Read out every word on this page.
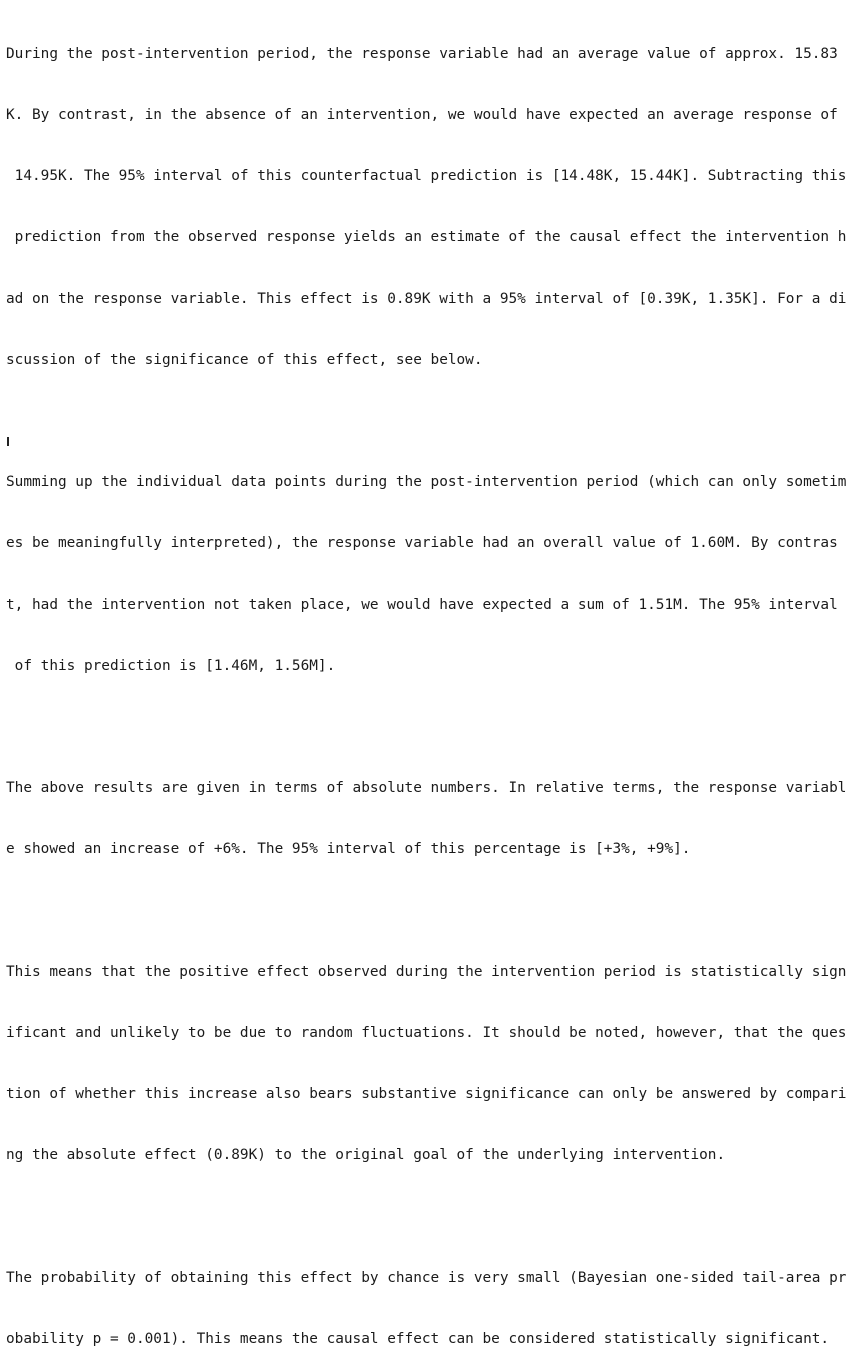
During the post-intervention period, the response variable had an average value of approx. 15.83

K. By contrast, in the absence of an intervention, we would have expected an average response of

14.95K. The 95% interval of this counterfactual prediction is [14.48K, 15.44K]. Subtracting this

prediction from the observed response yields an estimate of the causal effect the intervention h

ad on the response variable. This effect is 0.89K with a 95% interval of [0.39K, 1.35K]. For a di

scussion of the significance of this effect, see below.

Summing up the individual data points during the post-intervention period (which can only sometim

es be meaningfully interpreted), the response variable had an overall value of 1.60M. By contras

t, had the intervention not taken place, we would have expected a sum of 1.51M. The 95% interval

of this prediction is [1.46M, 1.56M].

The above results are given in terms of absolute numbers. In relative terms, the response variabl

e showed an increase of +6%. The 95% interval of this percentage is [+3%, +9%].

This means that the positive effect observed during the intervention period is statistically sign

ificant and unlikely to be due to random fluctuations. It should be noted, however, that the ques

tion of whether this increase also bears substantive significance can only be answered by compari

ng the absolute effect (0.89K) to the original goal of the underlying intervention.

The probability of obtaining this effect by chance is very small (Bayesian one-sided tail-area pr

obability p = 0.001). This means the causal effect can be considered statistically significant.
